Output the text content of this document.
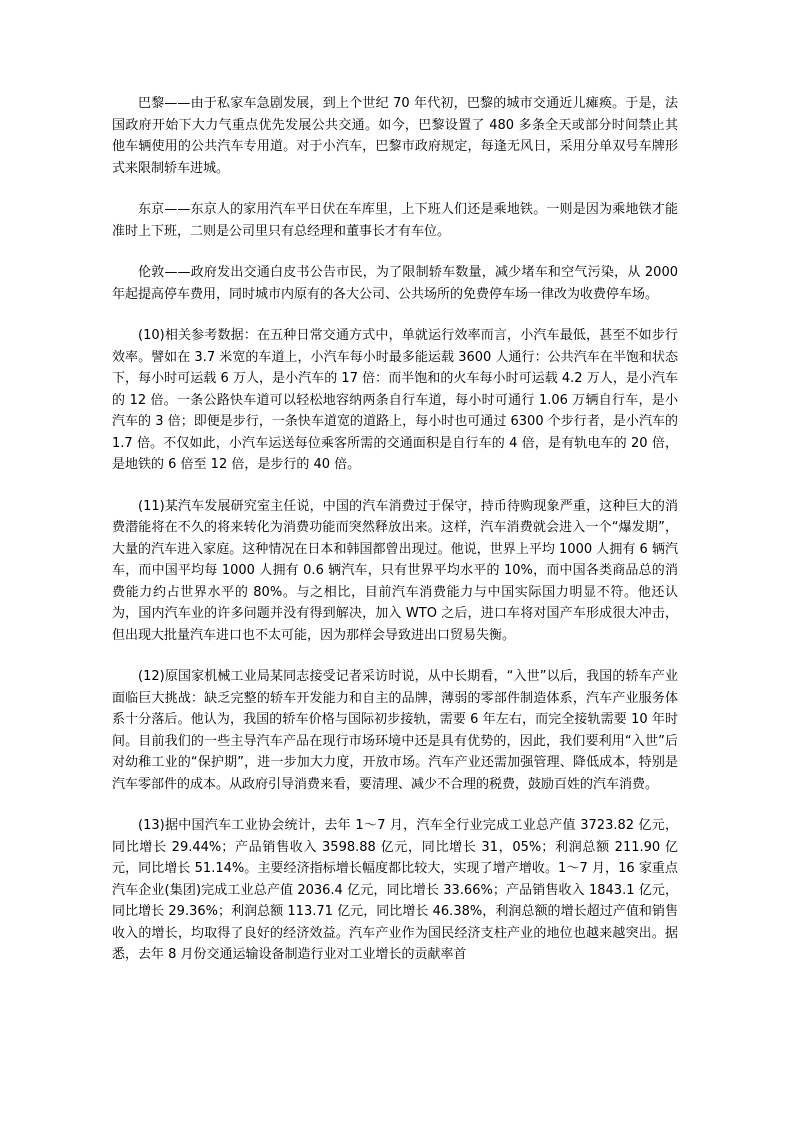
巴黎——由于私家车急剧发展，到上个世纪 70 年代初，巴黎的城市交通近儿瘫痪。于是，法国政府开始下大力气重点优先发展公共交通。如今，巴黎设置了 480 多条全天或部分时间禁止其他车辆使用的公共汽车专用道。对于小汽车，巴黎市政府规定，每逢无风日，采用分单双号车牌形式来限制轿车进城。

东京——东京人的家用汽车平日伏在车库里，上下班人们还是乘地铁。一则是因为乘地铁才能准时上下班，二则是公司里只有总经理和董事长才有车位。

伦敦——政府发出交通白皮书公告市民，为了限制轿车数量，减少堵车和空气污染，从 2000 年起提高停车费用，同时城市内原有的各大公司、公共场所的免费停车场一律改为收费停车场。

(10)相关参考数据：在五种日常交通方式中，单就运行效率而言，小汽车最低，甚至不如步行效率。譬如在 3.7 米宽的车道上，小汽车每小时最多能运载 3600 人通行：公共汽车在半饱和状态下，每小时可运载 6 万人，是小汽车的 17 倍：而半饱和的火车每小时可运载 4.2 万人，是小汽车的 12 倍。一条公路快车道可以轻松地容纳两条自行车道，每小时可通行 1.06 万辆自行车，是小汽车的 3 倍；即便是步行，一条快车道宽的道路上，每小时也可通过 6300 个步行者，是小汽车的 1.7 倍。不仅如此，小汽车运送每位乘客所需的交通面积是自行车的 4 倍，是有轨电车的 20 倍，是地铁的 6 倍至 12 倍，是步行的 40 倍。

(11)某汽车发展研究室主任说，中国的汽车消费过于保守，持币待购现象严重，这种巨大的消费潜能将在不久的将来转化为消费功能而突然释放出来。这样，汽车消费就会进入一个“爆发期”，大量的汽车进入家庭。这种情况在日本和韩国都曾出现过。他说，世界上平均 1000 人拥有 6 辆汽车，而中国平均每 1000 人拥有 0.6 辆汽车，只有世界平均水平的 10%，而中国各类商品总的消费能力约占世界水平的 80%。与之相比，目前汽车消费能力与中国实际国力明显不符。他还认为，国内汽车业的许多问题并没有得到解决，加入 WTO 之后，进口车将对国产车形成很大冲击，但出现大批量汽车进口也不太可能，因为那样会导致进出口贸易失衡。

(12)原国家机械工业局某同志接受记者采访时说，从中长期看，“入世”以后，我国的轿车产业面临巨大挑战：缺乏完整的轿车开发能力和自主的品牌，薄弱的零部件制造体系，汽车产业服务体系十分落后。他认为，我国的轿车价格与国际初步接轨，需要 6 年左右，而完全接轨需要 10 年时间。目前我们的一些主导汽车产品在现行市场环境中还是具有优势的，因此，我们要利用“入世”后对幼稚工业的“保护期”，进一步加大力度，开放市场。汽车产业还需加强管理、降低成本，特别是汽车零部件的成本。从政府引导消费来看，要清理、减少不合理的税费，鼓励百姓的汽车消费。

(13)据中国汽车工业协会统计，去年 1～7 月，汽车全行业完成工业总产值 3723.82 亿元，同比增长 29.44%；产品销售收入 3598.88 亿元，同比增长 31，05%；利润总额 211.90 亿元，同比增长 51.14%。主要经济指标增长幅度都比较大，实现了增产增收。1～7 月，16 家重点汽车企业(集团)完成工业总产值 2036.4 亿元，同比增长 33.66%；产品销售收入 1843.1 亿元，同比增长 29.36%；利润总额 113.71 亿元，同比增长 46.38%，利润总额的增长超过产值和销售收入的增长，均取得了良好的经济效益。汽车产业作为国民经济支柱产业的地位也越来越突出。据悉，去年 8 月份交通运输设备制造行业对工业增长的贡献率首
